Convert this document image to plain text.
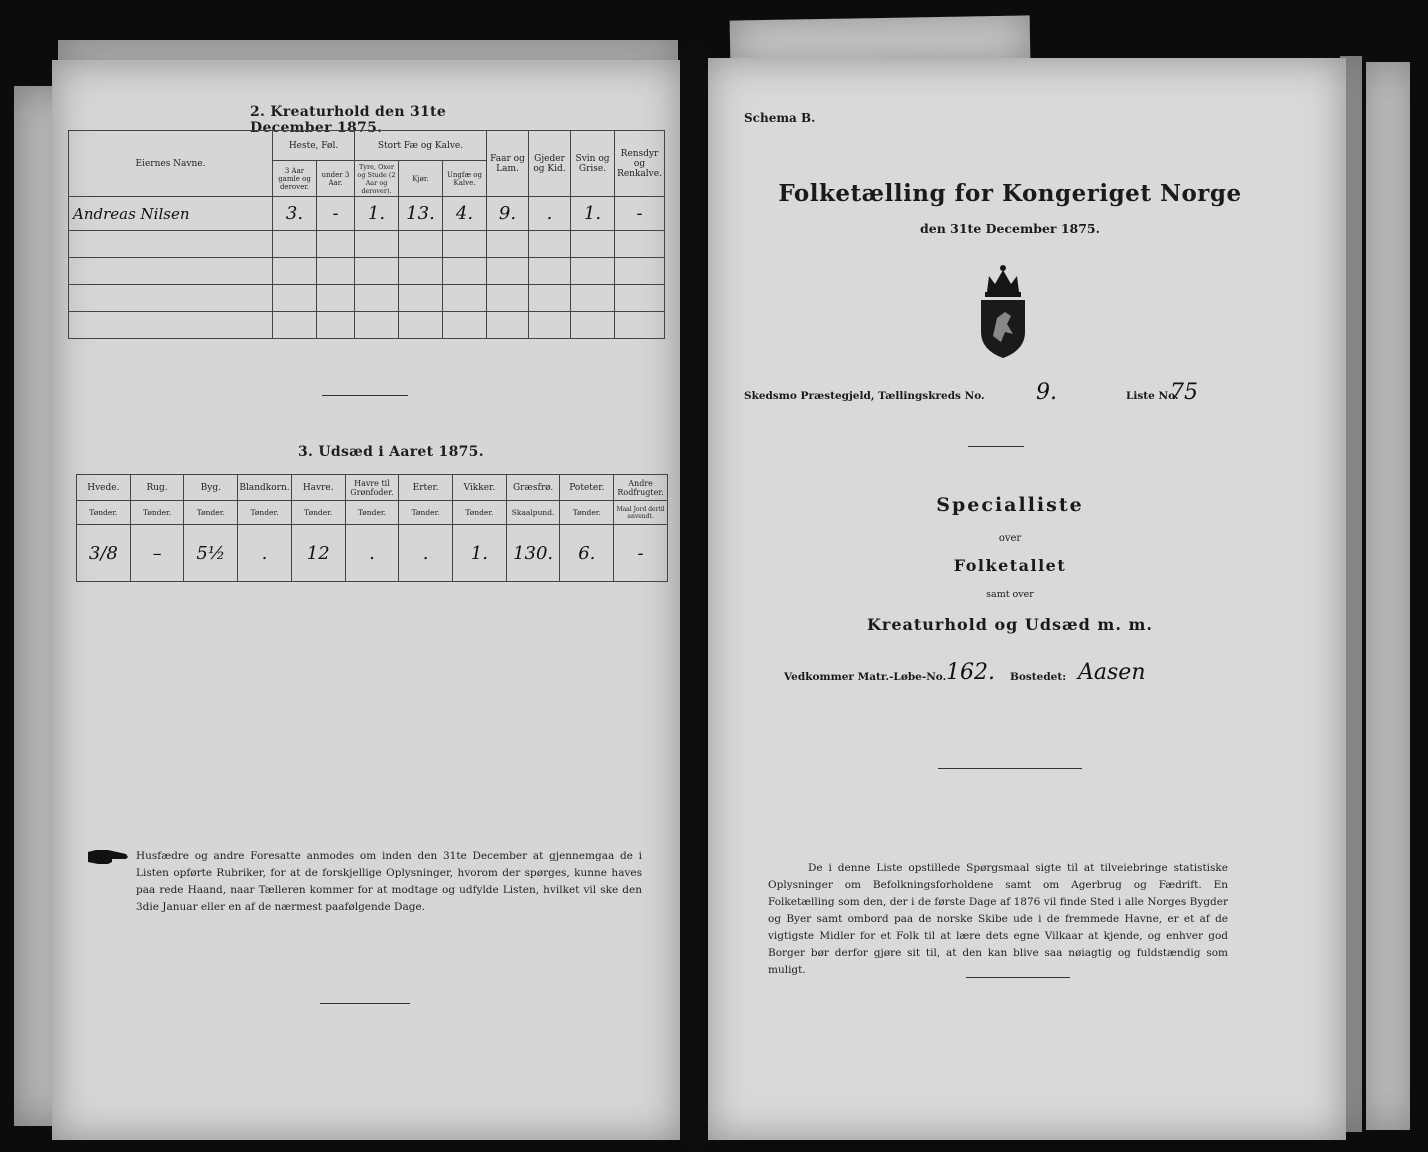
2. Kreaturhold den 31te December 1875.
Eiernes Navne.	Heste, Føl.		Stort Fæ og Kalve.			Faar og Lam.	Gjeder og Kid.	Svin og Grise.	Rensdyr og Renkalve.
	3 Aar gamle og derover.	under 3 Aar.	Tyre, Oxer og Stude (2 Aar og derover).	Kjør.	Ungfæ og Kalve.				
Andreas Nilsen	3.	-	1.	13.	4.	9.	.	1.	-

3. Udsæd i Aaret 1875.
Hvede.	Rug.	Byg.	Blandkorn.	Havre.	Havre til Grønfoder.	Erter.	Vikker.	Græsfrø.	Poteter.	Andre Rodfrugter.
Tønder.	Tønder.	Tønder.	Tønder.	Tønder.	Tønder.	Tønder.	Tønder.	Skaalpund.	Tønder.	Maal Jord dertil anvendt.
3/8	–	5½	.	12	.	.	1.	130.	6.	-
Husfædre og andre Foresatte anmodes om inden den 31te December at gjennemgaa de i Listen opførte Rubriker, for at de forskjellige Oplysninger, hvorom der spørges, kunne haves paa rede Haand, naar Tælleren kommer for at modtage og udfylde Listen, hvilket vil ske den 3die Januar eller en af de nærmest paafølgende Dage.
Schema B.
Folketælling for Kongeriget Norge
den 31te December 1875.
Skedsmo Præstegjeld, Tællingskreds No. 9.	Liste No.
75
Specialliste
over
Folketallet
samt over
Kreaturhold og Udsæd m. m.
Vedkommer Matr.-Løbe-No. 162. Bostedet: Aasen
De i denne Liste opstillede Spørgsmaal sigte til at tilveiebringe statistiske Oplysninger om Befolkningsforholdene samt om Agerbrug og Fædrift. En Folketælling som den, der i de første Dage af 1876 vil finde Sted i alle Norges Bygder og Byer samt ombord paa de norske Skibe ude i de fremmede Havne, er et af de vigtigste Midler for et Folk til at lære dets egne Vilkaar at kjende, og enhver god Borger bør derfor gjøre sit til, at den kan blive saa nøiagtig og fuldstændig som muligt.
